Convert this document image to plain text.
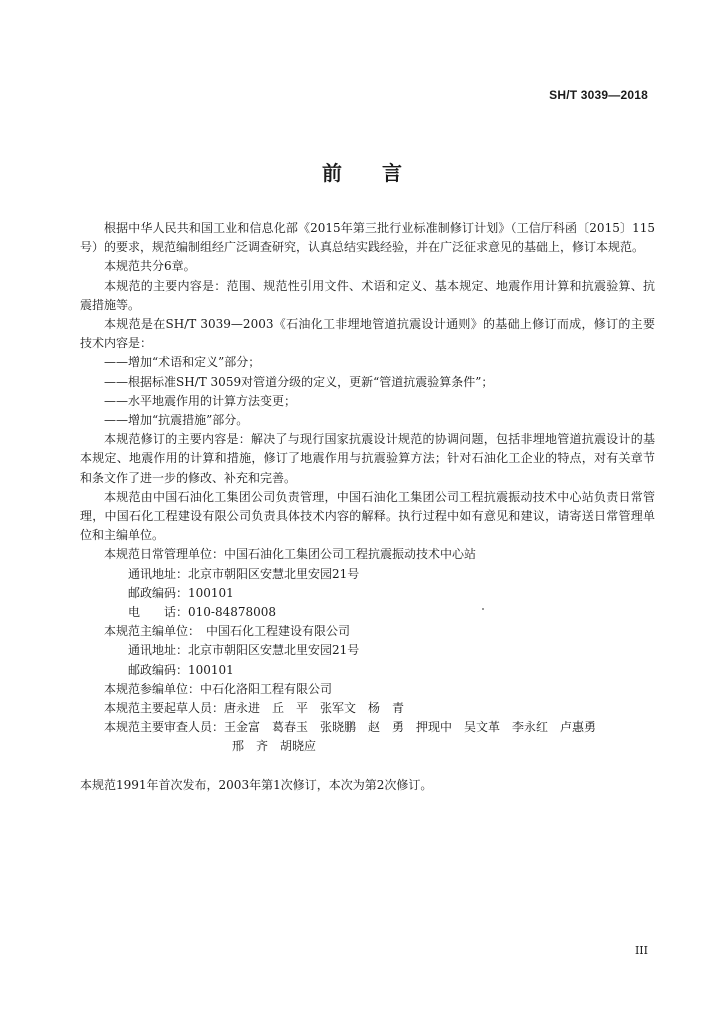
SH/T 3039—2018
前 言

根据中华人民共和国工业和信息化部《2015年第三批行业标准制修订计划》（工信厅科函〔2015〕115号）的要求，规范编制组经广泛调查研究，认真总结实践经验，并在广泛征求意见的基础上，修订本规范。

本规范共分6章。

本规范的主要内容是：范围、规范性引用文件、术语和定义、基本规定、地震作用计算和抗震验算、抗震措施等。

本规范是在SH/T 3039—2003《石油化工非埋地管道抗震设计通则》的基础上修订而成，修订的主要技术内容是：

——增加“术语和定义”部分；

——根据标准SH/T 3059对管道分级的定义，更新“管道抗震验算条件”；

——水平地震作用的计算方法变更；

——增加“抗震措施”部分。

本规范修订的主要内容是：解决了与现行国家抗震设计规范的协调问题，包括非埋地管道抗震设计的基本规定、地震作用的计算和措施，修订了地震作用与抗震验算方法；针对石油化工企业的特点，对有关章节和条文作了进一步的修改、补充和完善。

本规范由中国石油化工集团公司负责管理，中国石油化工集团公司工程抗震振动技术中心站负责日常管理，中国石化工程建设有限公司负责具体技术内容的解释。执行过程中如有意见和建议，请寄送日常管理单位和主编单位。

本规范日常管理单位：中国石油化工集团公司工程抗震振动技术中心站

通讯地址：北京市朝阳区安慧北里安园21号

邮政编码：100101

电　　话：010-84878008

本规范主编单位：　中国石化工程建设有限公司

通讯地址：北京市朝阳区安慧北里安园21号

邮政编码：100101

本规范参编单位：中石化洛阳工程有限公司

本规范主要起草人员：唐永进　丘　平　张军文　杨　青

本规范主要审查人员：王金富　葛春玉　张晓鹏　赵　勇　押现中　吴文革　李永红　卢惠勇

邢　齐　胡晓应

本规范1991年首次发布，2003年第1次修订，本次为第2次修订。

III
